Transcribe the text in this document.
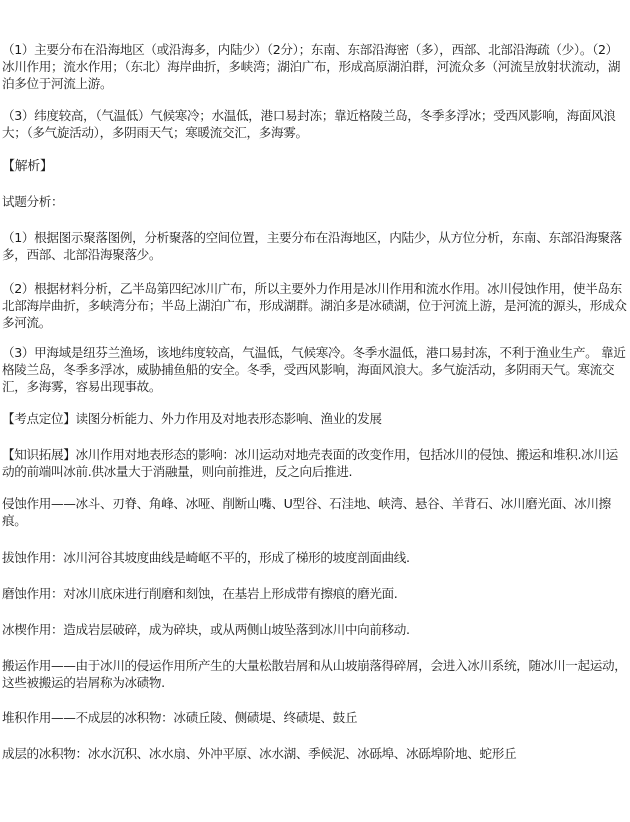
（1）主要分布在沿海地区（或沿海多，内陆少）（2分）；东南、东部沿海密（多），西部、北部沿海疏（少）。（2）冰川作用；流水作用；（东北）海岸曲折，多峡湾；湖泊广布，形成高原湖泊群，河流众多（河流呈放射状流动，湖泊多位于河流上游。

（3）纬度较高，（气温低）气候寒冷；水温低，港口易封冻；靠近格陵兰岛，冬季多浮冰；受西风影响，海面风浪大；（多气旋活动），多阴雨天气；寒暖流交汇，多海雾。

【解析】

试题分析：

（1）根据图示聚落图例，分析聚落的空间位置，主要分布在沿海地区，内陆少，从方位分析，东南、东部沿海聚落多，西部、北部沿海聚落少。

（2）根据材料分析，乙半岛第四纪冰川广布，所以主要外力作用是冰川作用和流水作用。冰川侵蚀作用，使半岛东北部海岸曲折，多峡湾分布；半岛上湖泊广布，形成湖群。湖泊多是冰碛湖，位于河流上游，是河流的源头，形成众多河流。

（3）甲海域是纽芬兰渔场，该地纬度较高，气温低，气候寒冷。冬季水温低，港口易封冻，不利于渔业生产。 靠近格陵兰岛，冬季多浮冰，威胁捕鱼船的安全。冬季，受西风影响，海面风浪大。多气旋活动，多阴雨天气。寒流交汇，多海雾，容易出现事故。

【考点定位】读图分析能力、外力作用及对地表形态影响、渔业的发展

【知识拓展】冰川作用对地表形态的影响：冰川运动对地壳表面的改变作用，包括冰川的侵蚀、搬运和堆积.冰川运动的前端叫冰前.供冰量大于消融量，则向前推进，反之向后推进.

侵蚀作用——冰斗、刃脊、角峰、冰哑、削断山嘴、U型谷、石洼地、峡湾、悬谷、羊背石、冰川磨光面、冰川擦痕。

拔蚀作用：冰川河谷其坡度曲线是崎岖不平的，形成了梯形的坡度剖面曲线.

磨蚀作用：对冰川底床进行削磨和刻蚀，在基岩上形成带有擦痕的磨光面.

冰楔作用：造成岩层破碎，成为碎块，或从两侧山坡坠落到冰川中向前移动.

搬运作用——由于冰川的侵运作用所产生的大量松散岩屑和从山坡崩落得碎屑，会进入冰川系统，随冰川一起运动，这些被搬运的岩屑称为冰碛物.

堆积作用——不成层的冰积物：冰碛丘陵、侧碛堤、终碛堤、鼓丘

成层的冰积物：冰水沉积、冰水扇、外冲平原、冰水湖、季候泥、冰砾埠、冰砾埠阶地、蛇形丘
